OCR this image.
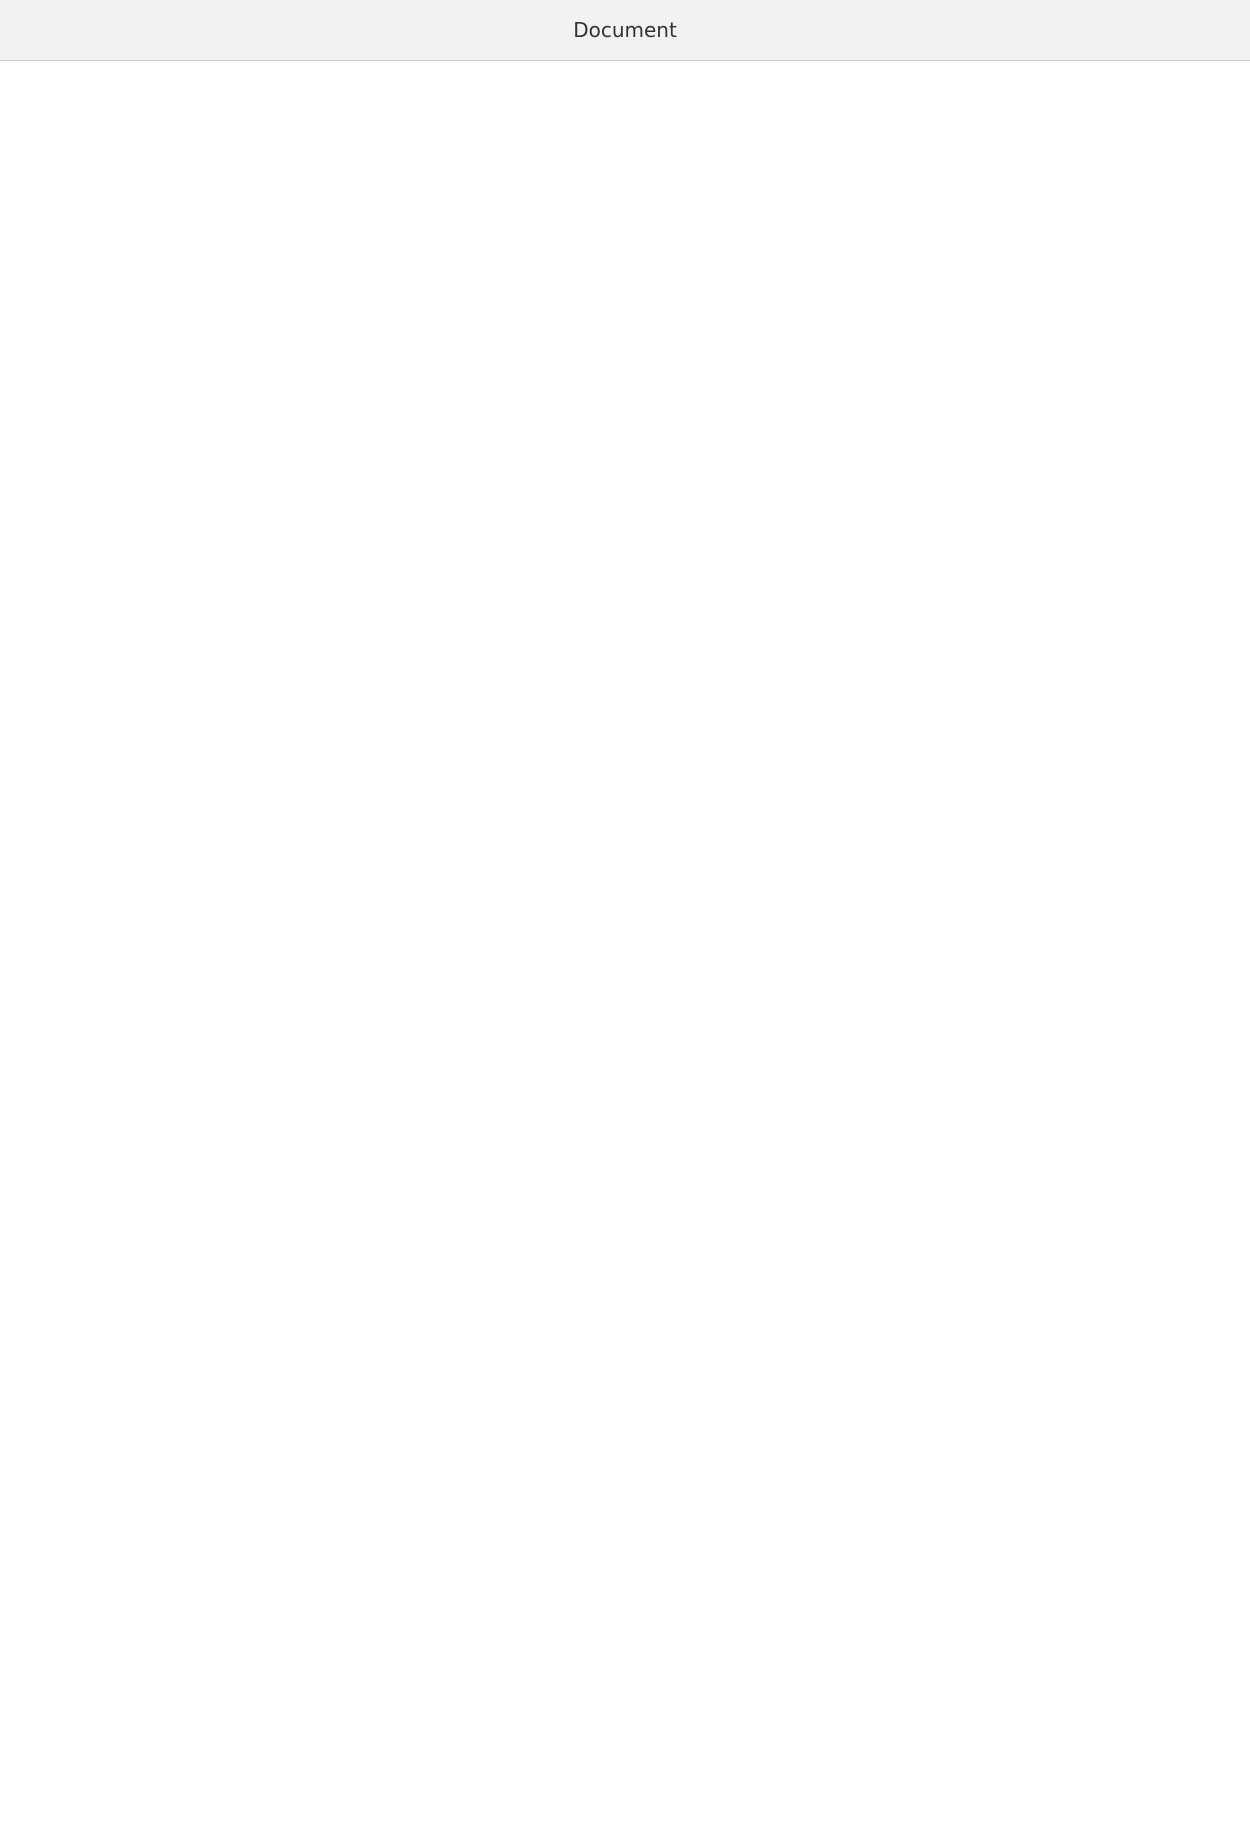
Document
